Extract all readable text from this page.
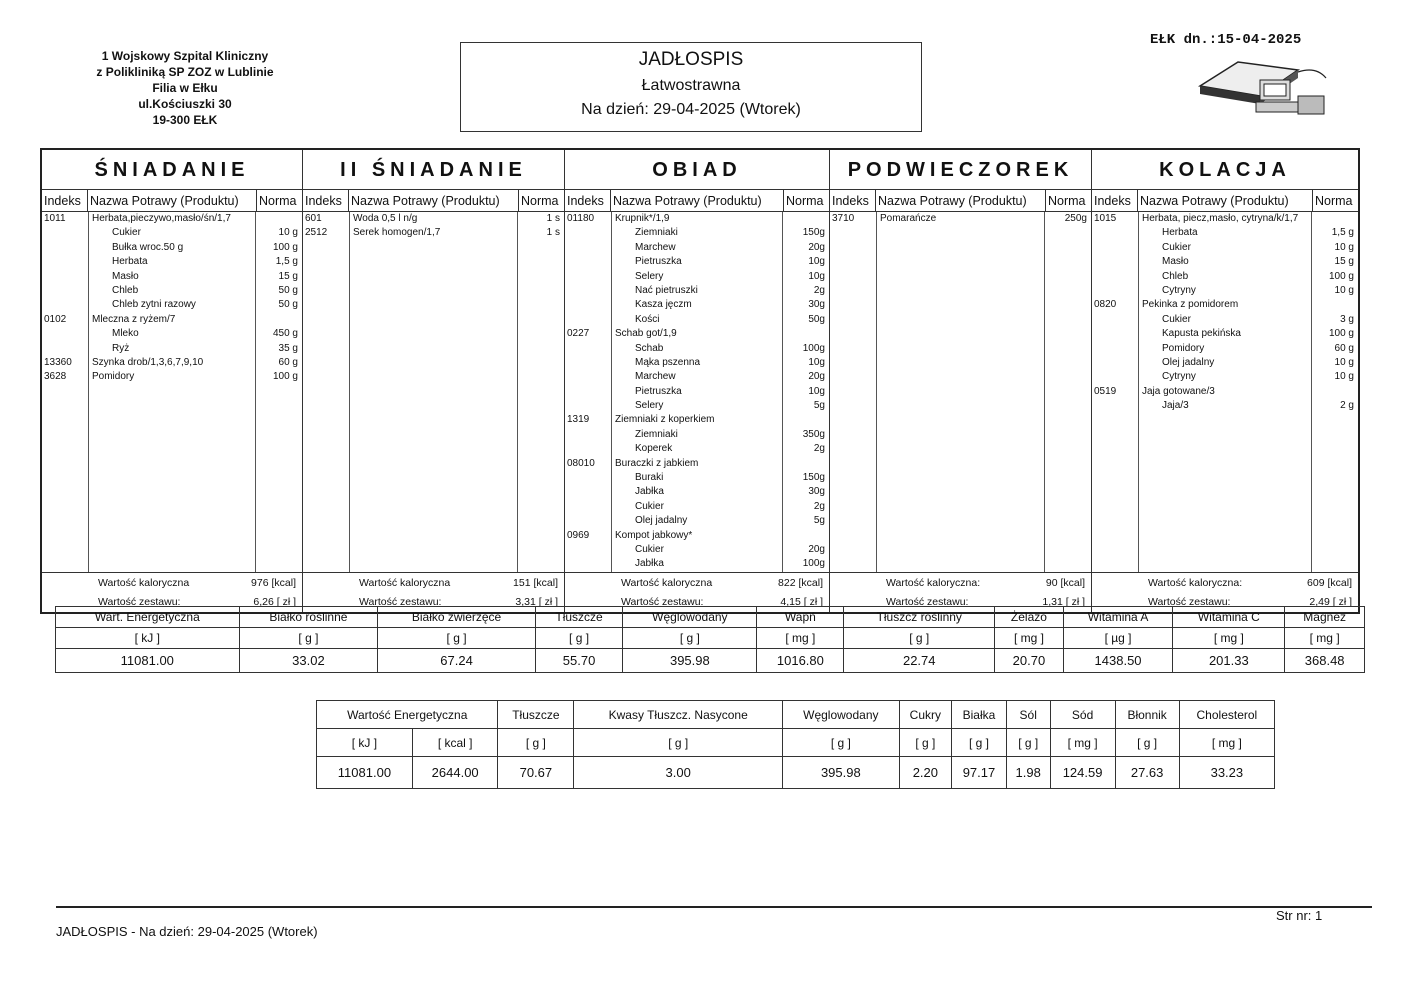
1 Wojskowy Szpital Kliniczny
z Polikliniką SP ZOZ w Lublinie
Filia w Ełku
ul.Kościuszki 30
19-300 EŁK
JADŁOSPIS
Łatwostrawna
Na dzień: 29-04-2025 (Wtorek)
EŁK dn.:15-04-2025
ŚNIADANIE
Indeks Nazwa Potrawy (Produktu)	Norma
1011	Herbata,pieczywo,masło/śn/1,7
Cukier	10 g
Bułka wroc.50 g	100 g
Herbata	1,5 g
Masło	15 g
Chleb	50 g
Chleb zytni razowy	50 g
0102	Mleczna z ryżem/7
Mleko	450 g
Ryż	35 g
13360	Szynka drob/1,3,6,7,9,10	60 g
3628	Pomidory	100 g
Wartość kaloryczna	976 [kcal]
Wartość zestawu:	6,26 [ zł ]
II ŚNIADANIE
Indeks Nazwa Potrawy (Produktu)	Norma
601	Woda 0,5 l n/g	1 s
2512	Serek homogen/1,7	1 s
Wartość kaloryczna	151 [kcal]
Wartość zestawu:	3,31 [ zł ]
OBIAD
Indeks Nazwa Potrawy (Produktu)	Norma
01180	Krupnik*/1,9
Ziemniaki	150g
Marchew	20g
Pietruszka	10g
Selery	10g
Nać pietruszki	2g
Kasza jęczm	30g
Kości	50g
0227	Schab got/1,9
Schab	100g
Mąka pszenna	10g
Marchew	20g
Pietruszka	10g
Selery	5g
1319	Ziemniaki z koperkiem
Ziemniaki	350g
Koperek	2g
08010	Buraczki z jabkiem
Buraki	150g
Jabłka	30g
Cukier	2g
Olej jadalny	5g
0969	Kompot jabkowy*
Cukier	20g
Jabłka	100g
Wartość kaloryczna	822 [kcal]
Wartość zestawu:	4,15 [ zł ]
PODWIECZOREK
Indeks Nazwa Potrawy (Produktu)	Norma
3710	Pomarańcze	250g
Wartość kaloryczna:	90 [kcal]
Wartość zestawu:	1,31 [ zł ]
KOLACJA
Indeks Nazwa Potrawy (Produktu)	Norma
1015	Herbata, piecz,masło, cytryna/k/1,7
Herbata	1,5 g
Cukier	10 g
Masło	15 g
Chleb	100 g
Cytryny	10 g
0820	Pekinka z pomidorem
Cukier	3 g
Kapusta pekińska	100 g
Pomidory	60 g
Olej jadalny	10 g
Cytryny	10 g
0519	Jaja gotowane/3
Jaja/3	2 g
Wartość kaloryczna:	609 [kcal]
Wartość zestawu:	2,49 [ zł ]
Wart. Energetyczna	Białko roślinne	Białko zwierzęce	Tłuszcze	Węglowodany	Wapń	Tłuszcz roślinny	Żelazo	Witamina A	Witamina C	Magnez
[ kJ ]	[ g ]	[ g ]	[ g ]	[ g ]	[ mg ]	[ g ]	[ mg ]	[ µg ]	[ mg ]	[ mg ]
11081.00	33.02	67.24	55.70	395.98	1016.80	22.74	20.70	1438.50	201.33	368.48
Wartość Energetyczna		Tłuszcze	Kwasy Tłuszcz. Nasycone	Węglowodany	Cukry	Białka	Sól	Sód	Błonnik	Cholesterol
[ kJ ]	[ kcal ]	[ g ]	[ g ]	[ g ]	[ g ]	[ g ]	[ g ]	[ mg ]	[ g ]	[ mg ]
11081.00	2644.00	70.67	3.00	395.98	2.20	97.17	1.98	124.59	27.63	33.23
JADŁOSPIS - Na dzień: 29-04-2025 (Wtorek)
Str nr: 1
